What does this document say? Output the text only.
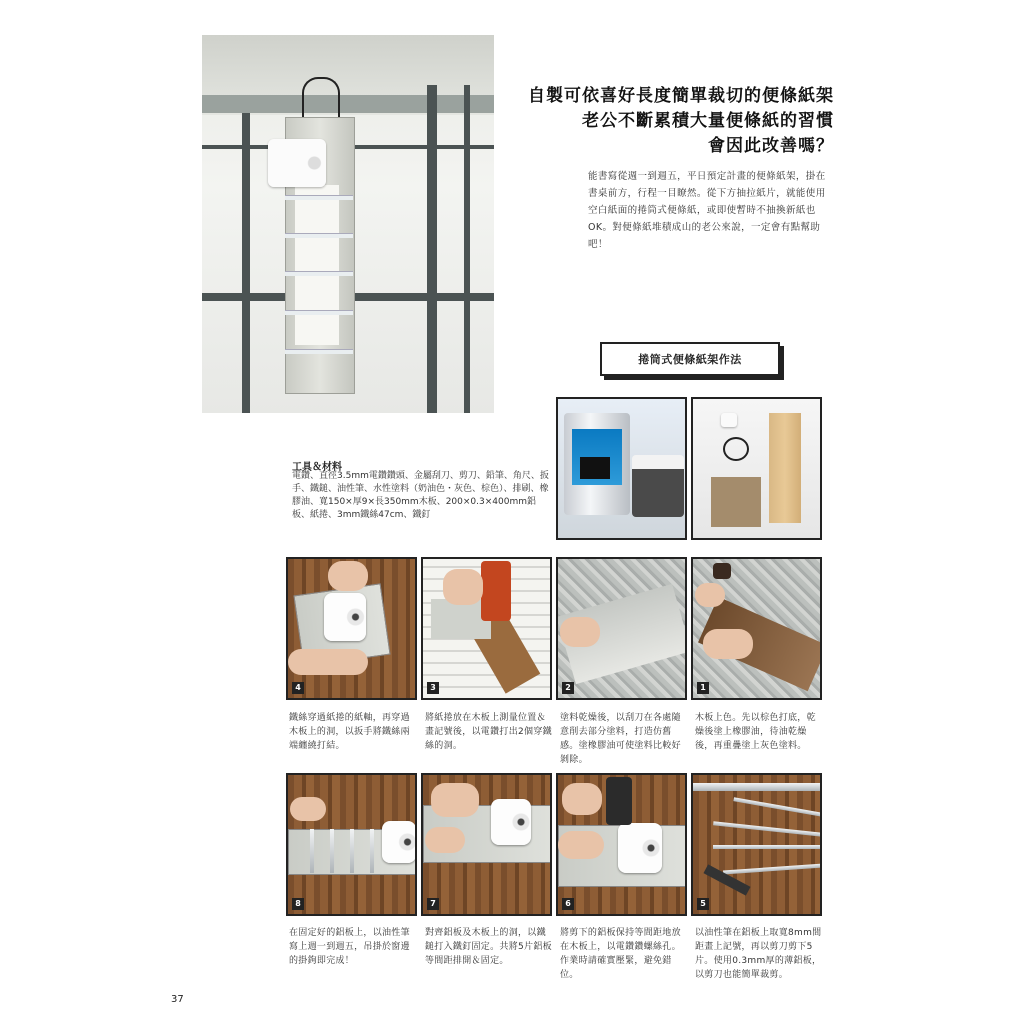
自製可依喜好長度簡單裁切的便條紙架
老公不斷累積大量便條紙的習慣
會因此改善嗎？
能書寫從週一到週五，平日預定計畫的便條紙架，掛在書桌前方，行程一目瞭然。從下方抽拉紙片，就能使用空白紙面的捲筒式便條紙，或即使暫時不抽換新紙也OK。對便條紙堆積成山的老公來說，一定會有點幫助吧！
捲筒式便條紙架作法
工具＆材料
電鑽、直徑3.5mm電鑽鑽頭、金屬刮刀、剪刀、鉛筆、角尺、扳手、鐵鎚、油性筆、水性塗料（奶油色・灰色、棕色）、排刷、橡膠油、寬150×厚9×長350mm木板、200×0.3×400mm鋁板、紙捲、3mm鐵絲47cm、鐵釘
4	3	2	1
鐵絲穿過紙捲的紙軸，再穿過木板上的洞，以扳手將鐵絲兩端纏繞打結。
將紙捲放在木板上測量位置＆畫記號後，以電鑽打出2個穿鐵絲的洞。
塗料乾燥後，以刮刀在各處隨意削去部分塗料，打造仿舊感。塗橡膠油可使塗料比較好剝除。
木板上色。先以棕色打底，乾燥後塗上橡膠油，待油乾燥後，再重疊塗上灰色塗料。
8	7	6	5
在固定好的鋁板上，以油性筆寫上週一到週五，吊掛於窗邊的掛鉤即完成！
對齊鋁板及木板上的洞，以鐵鎚打入鐵釘固定。共將5片鋁板等間距排開＆固定。
將剪下的鋁板保持等間距地放在木板上，以電鑽鑽螺絲孔。作業時請確實壓緊，避免錯位。
以油性筆在鋁板上取寬8mm間距畫上記號，再以剪刀剪下5片。使用0.3mm厚的薄鋁板，以剪刀也能簡單裁剪。
37
